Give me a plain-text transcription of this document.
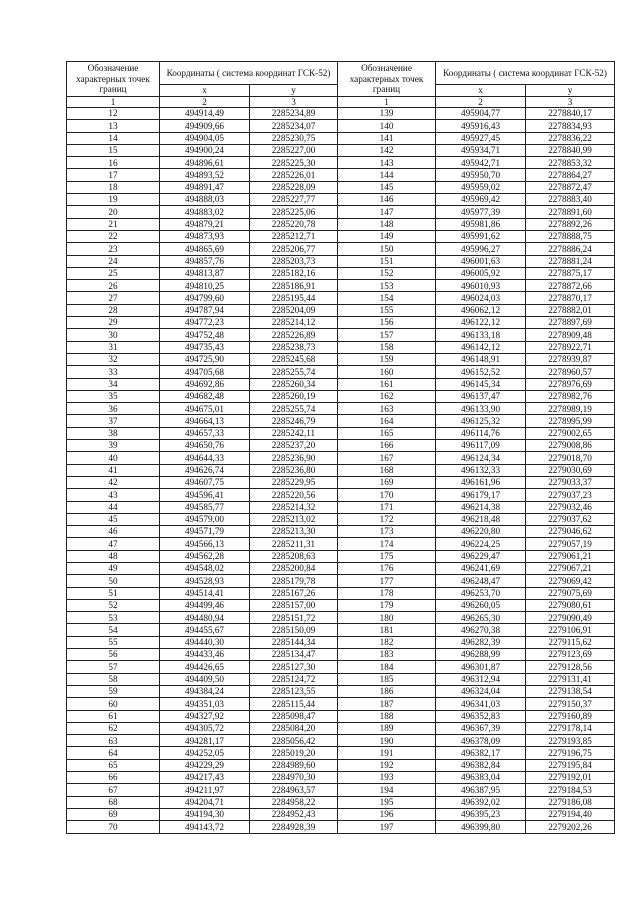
Обозначение характерных точек границ	Координаты ( система координат ГСК-52)		Обозначение характерных точек границ	Координаты ( система координат ГСК-52)	
	x	y		x	y
1	2	3	1	2	3
12	494914,49	2285234,89	139	495904,77	2278840,17
13	494909,66	2285234,07	140	495916,43	2278834,93
14	494904,05	2285230,75	141	495927,45	2278836,22
15	494900,24	2285227,00	142	495934,71	2278840,99
16	494896,61	2285225,30	143	495942,71	2278853,32
17	494893,52	2285226,01	144	495950,70	2278864,27
18	494891,47	2285228,09	145	495959,02	2278872,47
19	494888,03	2285227,77	146	495969,42	2278883,40
20	494883,02	2285225,06	147	495977,39	2278891,60
21	494879,21	2285220,78	148	495981,86	2278892,26
22	494873,93	2285212,71	149	495991,62	2278888,75
23	494865,69	2285206,77	150	495996,27	2278886,24
24	494857,76	2285203,73	151	496001,63	2278881,24
25	494813,87	2285182,16	152	496005,92	2278875,17
26	494810,25	2285186,91	153	496010,93	2278872,66
27	494799,60	2285195,44	154	496024,03	2278870,17
28	494787,94	2285204,09	155	496062,12	2278882,01
29	494772,23	2285214,12	156	496122,12	2278897,69
30	494752,48	2285226,89	157	496133,18	2278909,48
31	494735,43	2285238,73	158	496142,12	2278922,71
32	494725,90	2285245,68	159	496148,91	2278939,87
33	494705,68	2285255,74	160	496152,52	2278960,57
34	494692,86	2285260,34	161	496145,34	2278976,69
35	494682,48	2285260,19	162	496137,47	2278982,76
36	494675,01	2285255,74	163	496133,90	2278989,19
37	494664,13	2285246,79	164	496125,32	2278995,99
38	494657,33	2285242,11	165	496114,76	2279002,65
39	494650,76	2285237,20	166	496117,09	2279008,86
40	494644,33	2285236,90	167	496124,34	2279018,70
41	494626,74	2285236,80	168	496132,33	2279030,69
42	494607,75	2285229,95	169	496161,96	2279033,37
43	494596,41	2285220,56	170	496179,17	2279037,23
44	494585,77	2285214,32	171	496214,38	2279032,46
45	494579,00	2285213,02	172	496218,48	2279037,62
46	494571,79	2285213,30	173	496220,80	2279046,62
47	494566,13	2285211,31	174	496224,25	2279057,19
48	494562,28	2285208,63	175	496229,47	2279061,21
49	494548,02	2285200,84	176	496241,69	2279067,21
50	494528,93	2285179,78	177	496248,47	2279069,42
51	494514,41	2285167,26	178	496253,70	2279075,69
52	494499,46	2285157,00	179	496260,05	2279080,61
53	494480,94	2285151,72	180	496265,30	2279090,49
54	494455,67	2285150,09	181	496270,38	2279106,91
55	494440,30	2285144,34	182	496282,39	2279115,62
56	494433,46	2285134,47	183	496288,99	2279123,69
57	494426,65	2285127,30	184	496301,87	2279128,56
58	494409,50	2285124,72	185	496312,94	2279131,41
59	494384,24	2285123,55	186	496324,04	2279138,54
60	494351,03	2285115,44	187	496341,03	2279150,37
61	494327,92	2285098,47	188	496352,83	2279160,89
62	494305,72	2285084,20	189	496367,39	2279178,14
63	494281,17	2285056,42	190	496378,09	2279193,85
64	494252,05	2285019,20	191	496382,17	2279196,75
65	494229,29	2284989,60	192	496382,84	2279195,84
66	494217,43	2284970,30	193	496383,04	2279192,01
67	494211,97	2284963,57	194	496387,95	2279184,53
68	494204,71	2284958,22	195	496392,02	2279186,08
69	494194,30	2284952,43	196	496395,23	2279194,40
70	494143,72	2284928,39	197	496399,80	2279202,26
